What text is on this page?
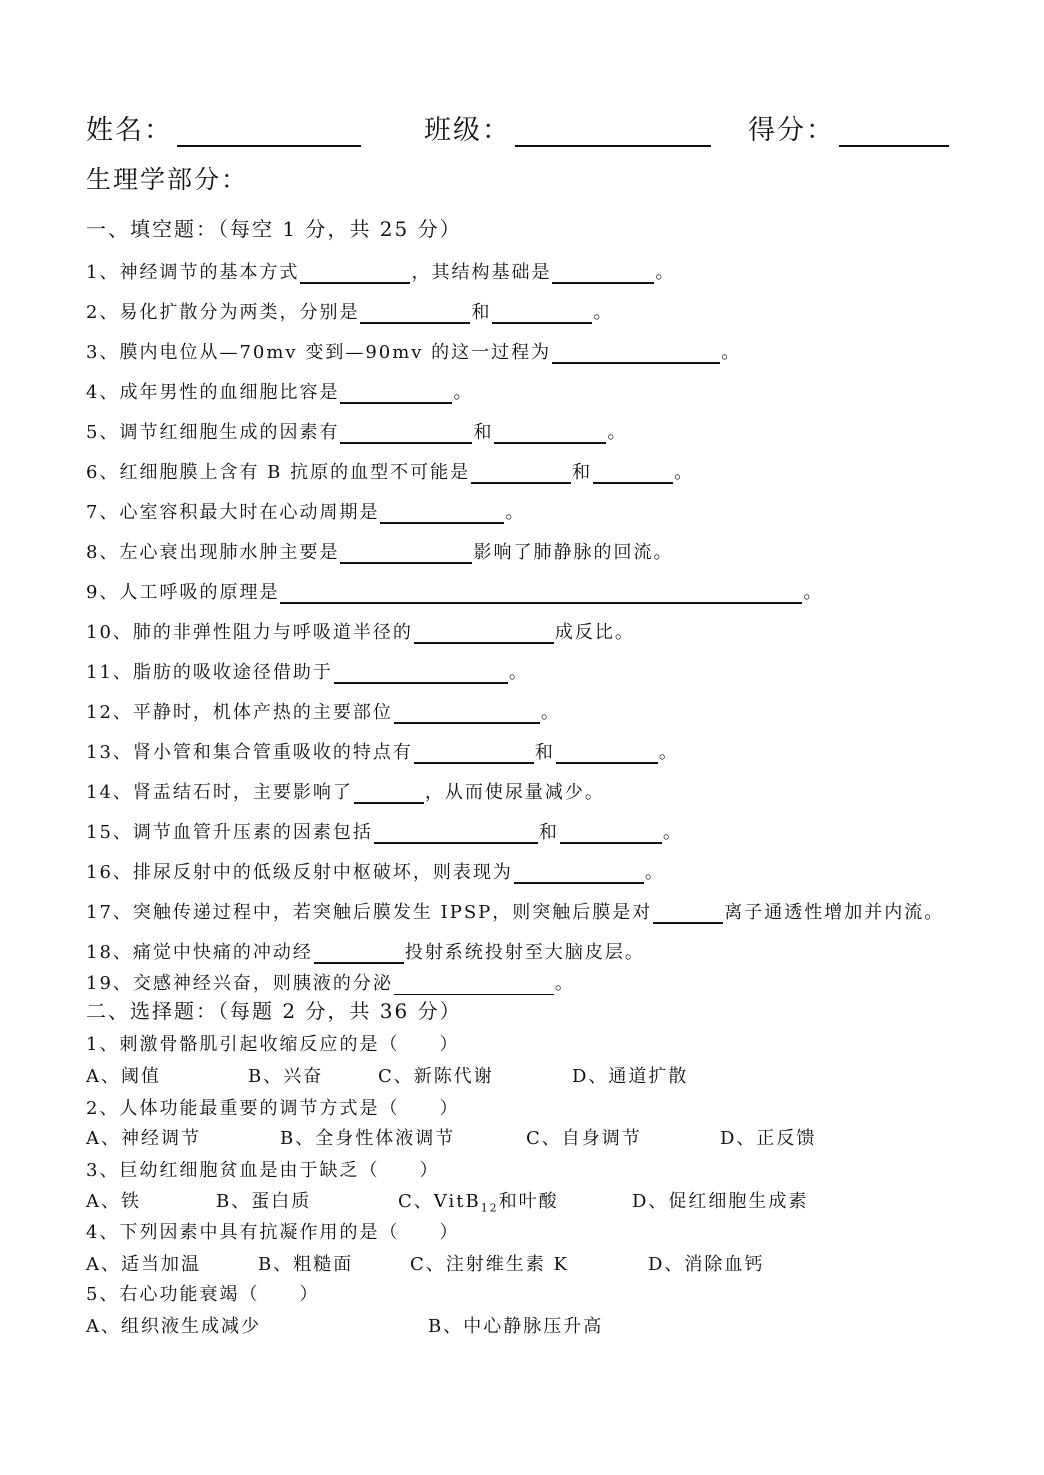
姓名：	班级：	得分：
生理学部分：
一、填空题：（每空 1 分，共 25 分）
1、神经调节的基本方式	，其结构基础是	。
2、易化扩散分为两类，分别是	和	。
3、膜内电位从—70mv 变到—90mv 的这一过程为	。
4、成年男性的血细胞比容是	。
5、调节红细胞生成的因素有	和	。
6、红细胞膜上含有 B 抗原的血型不可能是	和	。
7、心室容积最大时在心动周期是	。
8、左心衰出现肺水肿主要是	影响了肺静脉的回流。
9、人工呼吸的原理是	。
10、肺的非弹性阻力与呼吸道半径的	成反比。
11、脂肪的吸收途径借助于	。
12、平静时，机体产热的主要部位	。
13、肾小管和集合管重吸收的特点有	和	。
14、肾盂结石时，主要影响了	，从而使尿量减少。
15、调节血管升压素的因素包括	和	。
16、排尿反射中的低级反射中枢破坏，则表现为	。
17、突触传递过程中，若突触后膜发生 IPSP，则突触后膜是对	离子通透性增加并内流。
18、痛觉中快痛的冲动经	投射系统投射至大脑皮层。
19、交感神经兴奋，则胰液的分泌	。
二、选择题：（每题 2 分，共 36 分）
1、刺激骨骼肌引起收缩反应的是（　　）
A、阈值	B、兴奋	C、新陈代谢	D、通道扩散
2、人体功能最重要的调节方式是（　　）
A、神经调节	B、全身性体液调节	C、自身调节	D、正反馈
3、巨幼红细胞贫血是由于缺乏（　　）
A、铁	B、蛋白质	C、VitB$_{12}$和叶酸	D、促红细胞生成素
4、下列因素中具有抗凝作用的是（　　）
A、适当加温	B、粗糙面	C、注射维生素 K	D、消除血钙
5、右心功能衰竭（　　）
A、组织液生成减少	B、中心静脉压升高
